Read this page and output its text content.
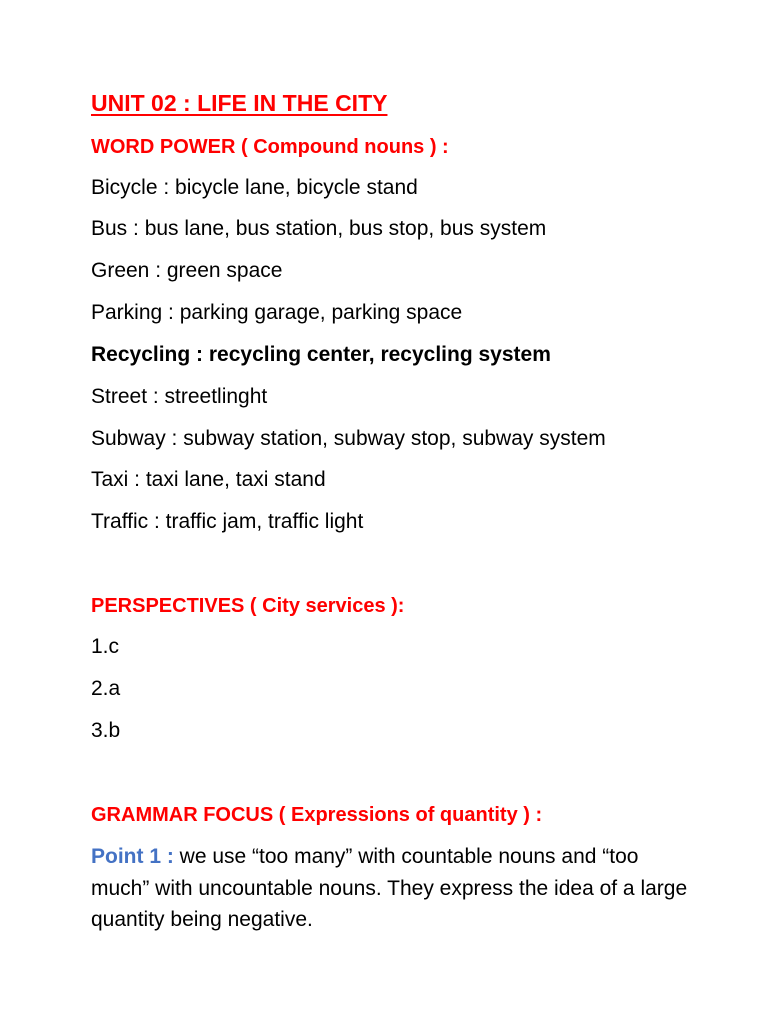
UNIT 02 : LIFE IN THE CITY
WORD POWER ( Compound nouns ) :
Bicycle : bicycle lane, bicycle stand
Bus : bus lane, bus station, bus stop, bus system
Green : green space
Parking : parking garage, parking space
Recycling : recycling center, recycling system
Street : streetlinght
Subway : subway station, subway stop, subway system
Taxi : taxi lane, taxi stand
Traffic : traffic jam, traffic light
PERSPECTIVES ( City services ):
1.c
2.a
3.b
GRAMMAR FOCUS ( Expressions of quantity ) :
Point 1 : we use “too many” with countable nouns and “too much” with uncountable nouns. They express the idea of a large quantity being negative.
